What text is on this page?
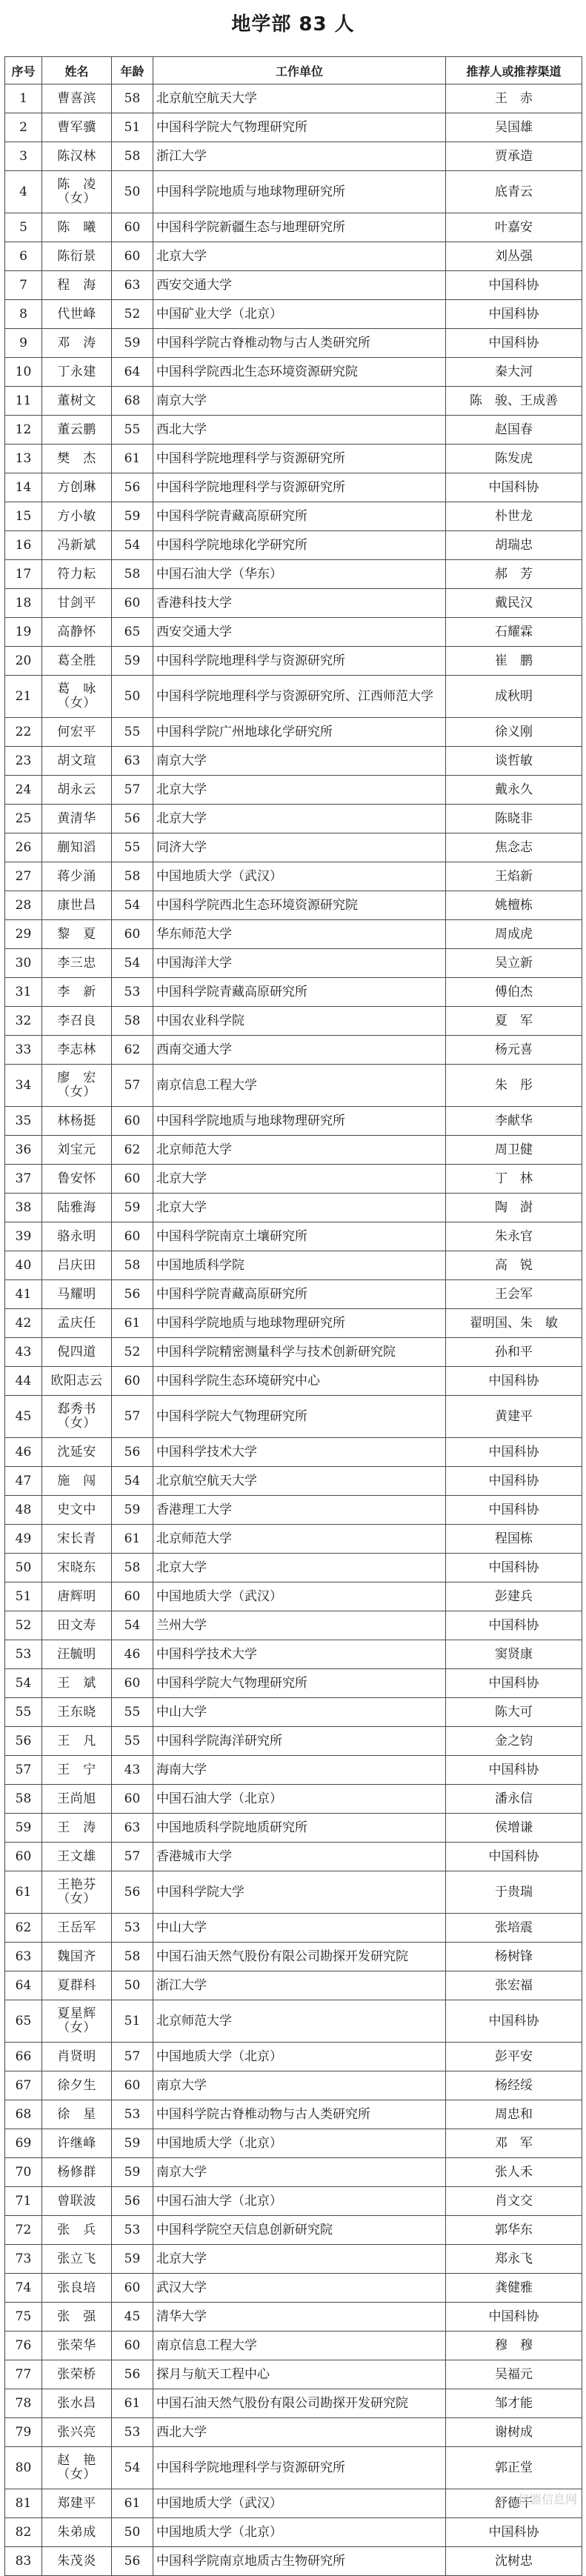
地学部 83 人
序号	姓名	年龄	工作单位	推荐人或推荐渠道
1	曹喜滨	58	北京航空航天大学	王　赤
2	曹军骥	51	中国科学院大气物理研究所	吴国雄
3	陈汉林	58	浙江大学	贾承造
4	陈　凌（女）	50	中国科学院地质与地球物理研究所	底青云
5	陈　曦	60	中国科学院新疆生态与地理研究所	叶嘉安
6	陈衍景	60	北京大学	刘丛强
7	程　海	63	西安交通大学	中国科协
8	代世峰	52	中国矿业大学（北京）	中国科协
9	邓　涛	59	中国科学院古脊椎动物与古人类研究所	中国科协
10	丁永建	64	中国科学院西北生态环境资源研究院	秦大河
11	董树文	68	南京大学	陈　骏、王成善
12	董云鹏	55	西北大学	赵国春
13	樊　杰	61	中国科学院地理科学与资源研究所	陈发虎
14	方创琳	56	中国科学院地理科学与资源研究所	中国科协
15	方小敏	59	中国科学院青藏高原研究所	朴世龙
16	冯新斌	54	中国科学院地球化学研究所	胡瑞忠
17	符力耘	58	中国石油大学（华东）	郝　芳
18	甘剑平	60	香港科技大学	戴民汉
19	高静怀	65	西安交通大学	石耀霖
20	葛全胜	59	中国科学院地理科学与资源研究所	崔　鹏
21	葛　咏（女）	50	中国科学院地理科学与资源研究所、江西师范大学	成秋明
22	何宏平	55	中国科学院广州地球化学研究所	徐义刚
23	胡文瑄	63	南京大学	谈哲敏
24	胡永云	57	北京大学	戴永久
25	黄清华	56	北京大学	陈晓非
26	蒯知滔	55	同济大学	焦念志
27	蒋少涌	58	中国地质大学（武汉）	王焰新
28	康世昌	54	中国科学院西北生态环境资源研究院	姚檀栋
29	黎　夏	60	华东师范大学	周成虎
30	李三忠	54	中国海洋大学	吴立新
31	李　新	53	中国科学院青藏高原研究所	傅伯杰
32	李召良	58	中国农业科学院	夏　军
33	李志林	62	西南交通大学	杨元喜
34	廖　宏（女）	57	南京信息工程大学	朱　彤
35	林杨挺	60	中国科学院地质与地球物理研究所	李献华
36	刘宝元	62	北京师范大学	周卫健
37	鲁安怀	60	北京大学	丁　林
38	陆雅海	59	北京大学	陶　澍
39	骆永明	60	中国科学院南京土壤研究所	朱永官
40	吕庆田	58	中国地质科学院	高　锐
41	马耀明	56	中国科学院青藏高原研究所	王会军
42	孟庆任	61	中国科学院地质与地球物理研究所	翟明国、朱　敏
43	倪四道	52	中国科学院精密测量科学与技术创新研究院	孙和平
44	欧阳志云	60	中国科学院生态环境研究中心	中国科协
45	郄秀书（女）	57	中国科学院大气物理研究所	黄建平
46	沈延安	56	中国科学技术大学	中国科协
47	施　闯	54	北京航空航天大学	中国科协
48	史文中	59	香港理工大学	中国科协
49	宋长青	61	北京师范大学	程国栋
50	宋晓东	58	北京大学	中国科协
51	唐辉明	60	中国地质大学（武汉）	彭建兵
52	田文寿	54	兰州大学	中国科协
53	汪毓明	46	中国科学技术大学	窦贤康
54	王　斌	60	中国科学院大气物理研究所	中国科协
55	王东晓	55	中山大学	陈大可
56	王　凡	55	中国科学院海洋研究所	金之钧
57	王　宁	43	海南大学	中国科协
58	王尚旭	60	中国石油大学（北京）	潘永信
59	王　涛	63	中国地质科学院地质研究所	侯增谦
60	王文雄	57	香港城市大学	中国科协
61	王艳芬（女）	56	中国科学院大学	于贵瑞
62	王岳军	53	中山大学	张培震
63	魏国齐	58	中国石油天然气股份有限公司勘探开发研究院	杨树锋
64	夏群科	50	浙江大学	张宏福
65	夏星辉（女）	51	北京师范大学	中国科协
66	肖贤明	57	中国地质大学（北京）	彭平安
67	徐夕生	60	南京大学	杨经绥
68	徐　星	53	中国科学院古脊椎动物与古人类研究所	周忠和
69	许继峰	59	中国地质大学（北京）	邓　军
70	杨修群	59	南京大学	张人禾
71	曾联波	56	中国石油大学（北京）	肖文交
72	张　兵	53	中国科学院空天信息创新研究院	郭华东
73	张立飞	59	北京大学	郑永飞
74	张良培	60	武汉大学	龚健雅
75	张　强	45	清华大学	中国科协
76	张荣华	60	南京信息工程大学	穆　穆
77	张荣桥	56	探月与航天工程中心	吴福元
78	张水昌	61	中国石油天然气股份有限公司勘探开发研究院	邹才能
79	张兴亮	53	西北大学	谢树成
80	赵　艳（女）	54	中国科学院地理科学与资源研究所	郭正堂
81	郑建平	61	中国地质大学（武汉）	舒德干
82	朱弟成	50	中国地质大学（北京）	中国科协
83	朱茂炎	56	中国科学院南京地质古生物研究所	沈树忠
仪器信息网
